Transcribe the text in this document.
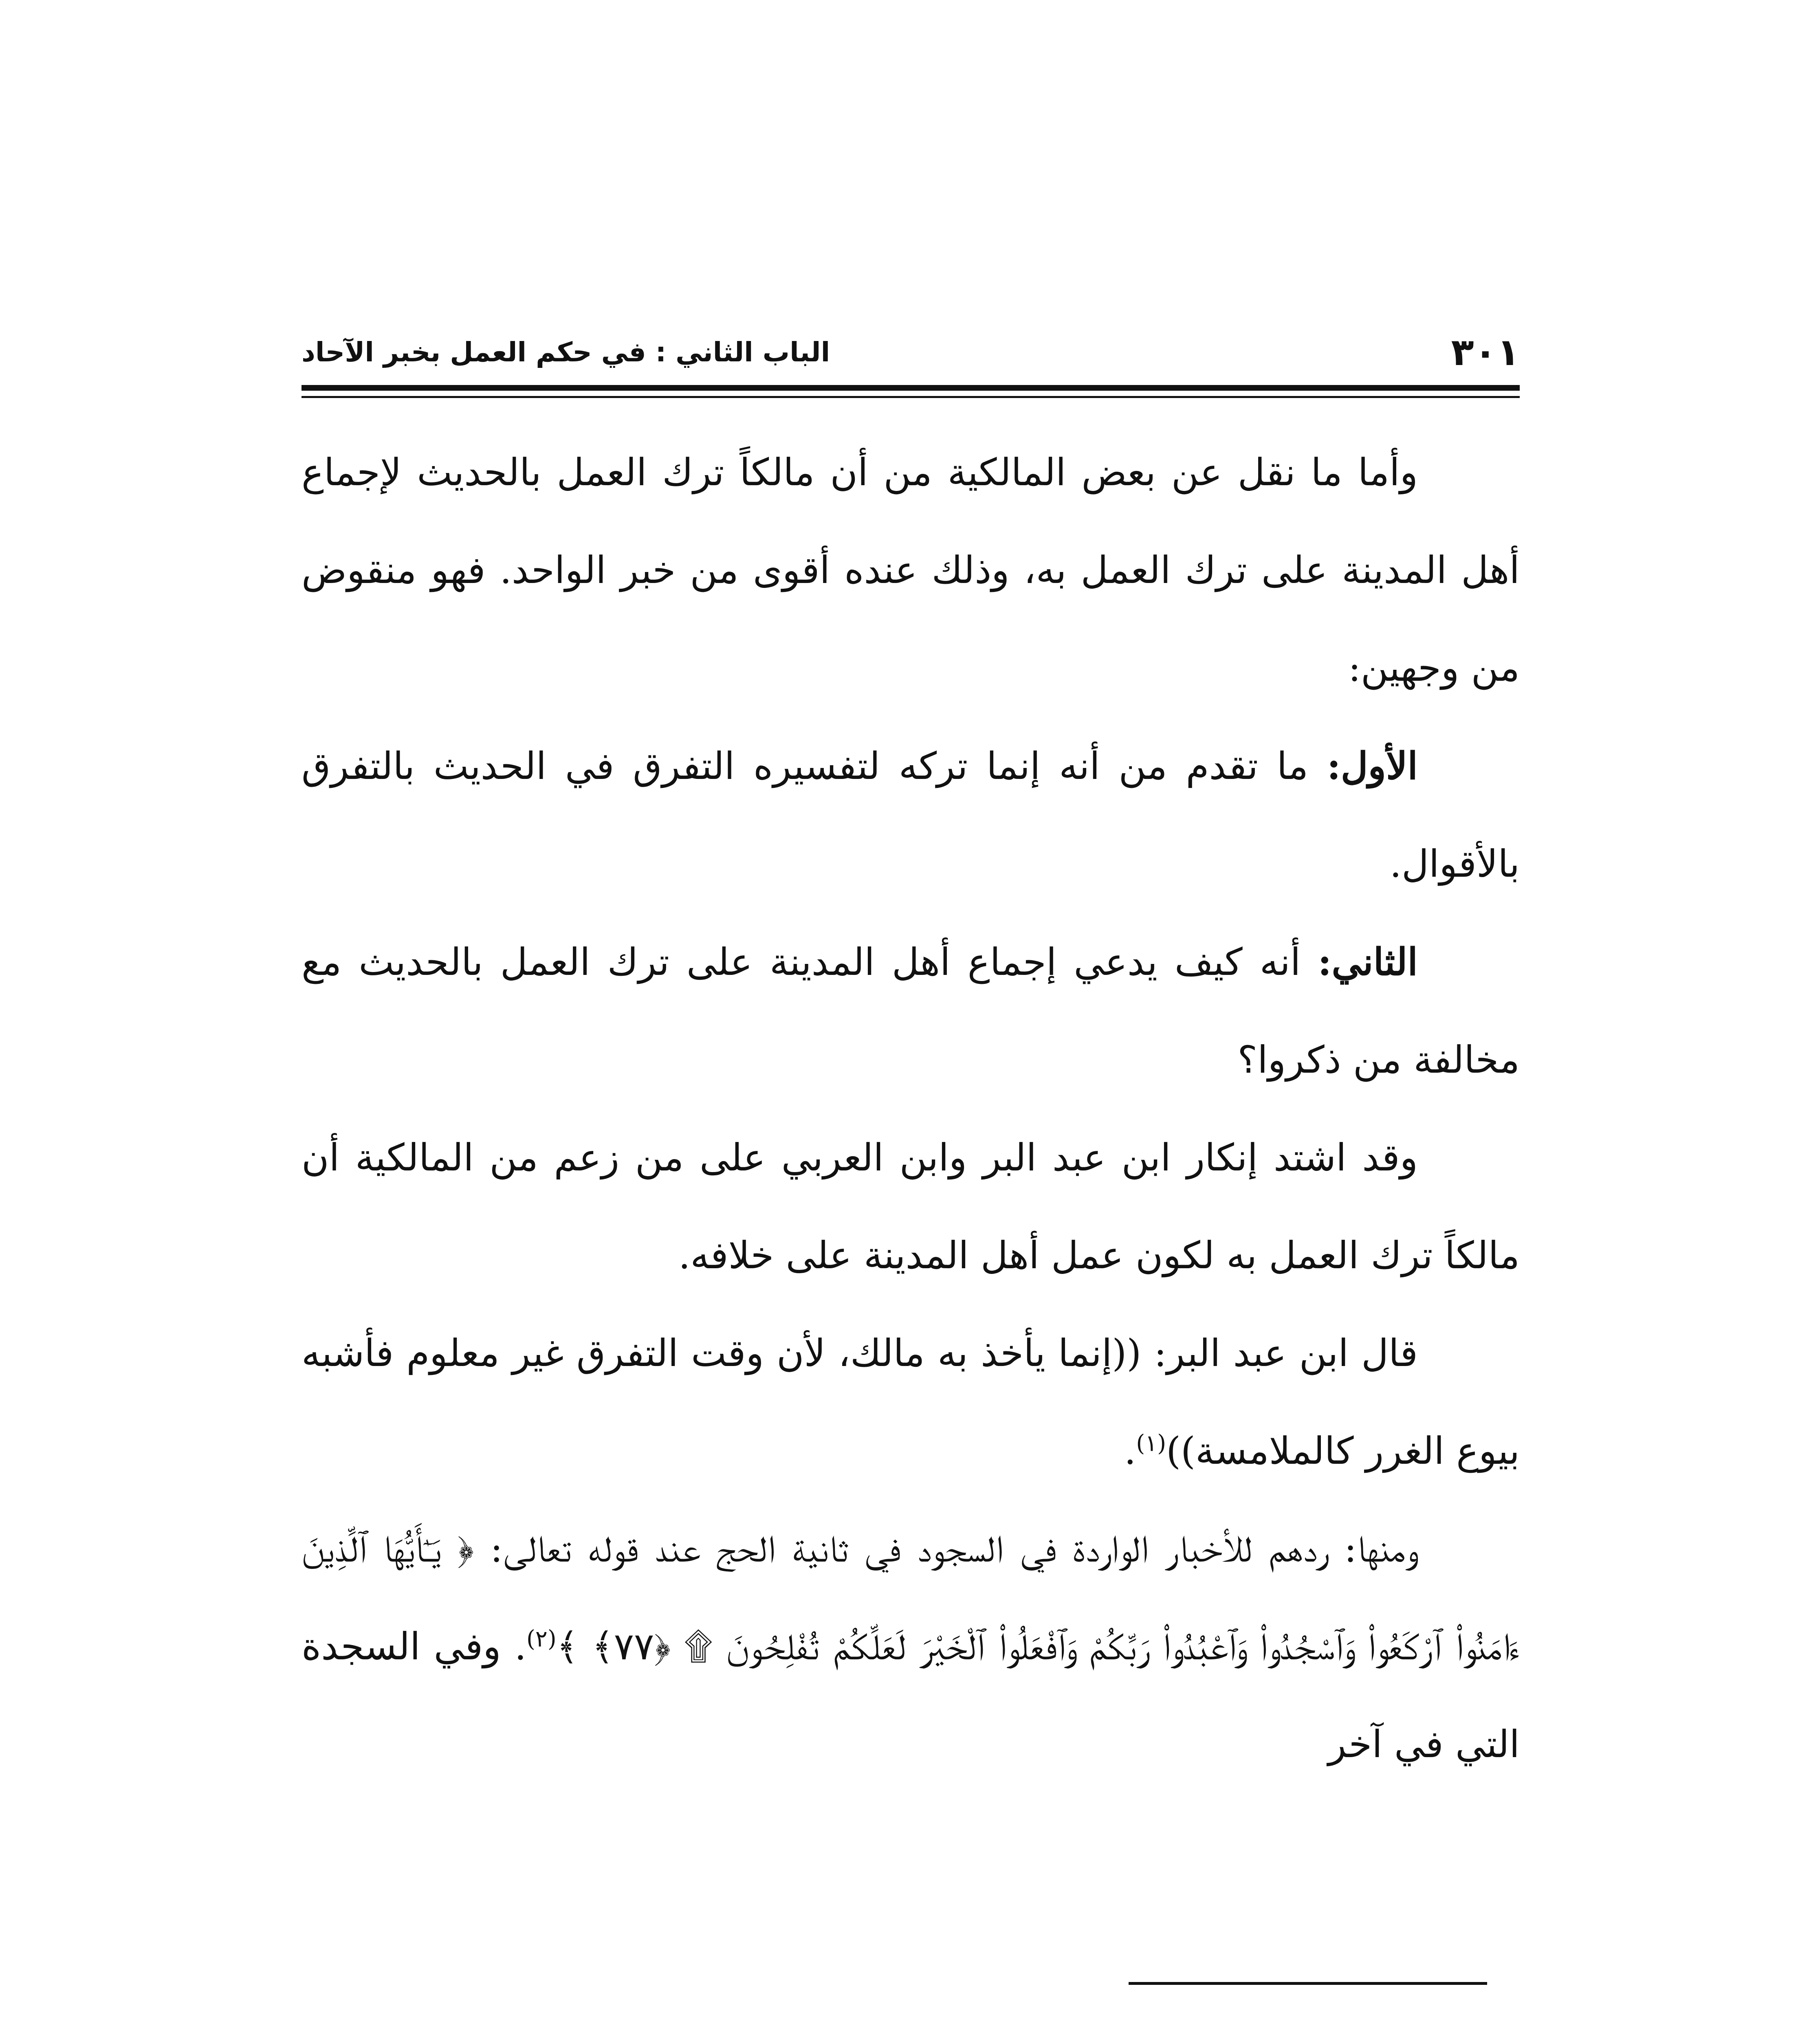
٣٠١
الباب الثاني : في حكم العمل بخبر الآحاد

وأما ما نقل عن بعض المالكية من أن مالكاً ترك العمل بالحديث لإجماع أهل المدينة على ترك العمل به، وذلك عنده أقوى من خبر الواحد. فهو منقوض من وجهين:

الأول: ما تقدم من أنه إنما تركه لتفسيره التفرق في الحديث بالتفرق بالأقوال.

الثاني: أنه كيف يدعي إجماع أهل المدينة على ترك العمل بالحديث مع مخالفة من ذكروا؟

وقد اشتد إنكار ابن عبد البر وابن العربي على من زعم من المالكية أن مالكاً ترك العمل به لكون عمل أهل المدينة على خلافه.

قال ابن عبد البر: ((إنما يأخذ به مالك، لأن وقت التفرق غير معلوم فأشبه بيوع الغرر كالملامسة))$^{(١)}$.

ومنها: ردهم للأخبار الواردة في السجود في ثانية الحج عند قوله تعالى: ﴿ يَـٰٓأَيُّهَا ٱلَّذِينَ ءَامَنُوا۟ ٱرْكَعُوا۟ وَٱسْجُدُوا۟ وَٱعْبُدُوا۟ رَبَّكُمْ وَٱفْعَلُوا۟ ٱلْخَيْرَ لَعَلَّكُمْ تُفْلِحُونَ ۩ ﴿٧٧﴾ ﴾$^{(٢)}$. وفي السجدة التي في آخر
